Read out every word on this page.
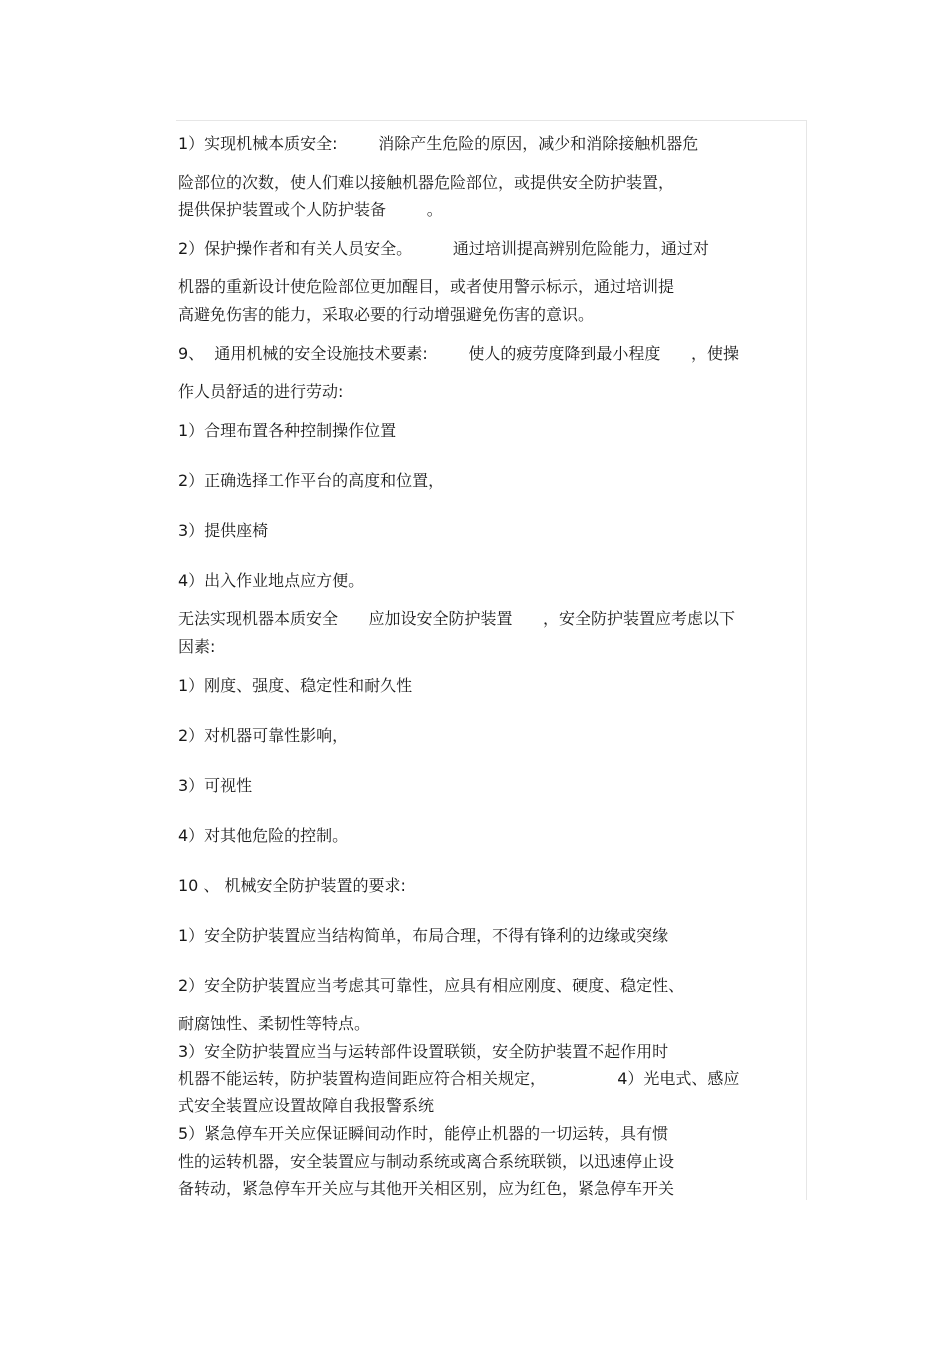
1）实现机械本质安全:        消除产生危险的原因，减少和消除接触机器危

险部位的次数，使人们难以接触机器危险部位，或提供安全防护装置，

提供保护装置或个人防护装备        。

2）保护操作者和有关人员安全。        通过培训提高辨别危险能力，通过对

机器的重新设计使危险部位更加醒目，或者使用警示标示，通过培训提

高避免伤害的能力，采取必要的行动增强避免伤害的意识。

9、  通用机械的安全设施技术要素:        使人的疲劳度降到最小程度      ，使操

作人员舒适的进行劳动:

1）合理布置各种控制操作位置

2）正确选择工作平台的高度和位置，

3）提供座椅

4）出入作业地点应方便。

无法实现机器本质安全      应加设安全防护装置      ，安全防护装置应考虑以下

因素:

1）刚度、强度、稳定性和耐久性

2）对机器可靠性影响，

3）可视性

4）对其他危险的控制。

10 、 机械安全防护装置的要求:

1）安全防护装置应当结构简单，布局合理，不得有锋利的边缘或突缘

2）安全防护装置应当考虑其可靠性，应具有相应刚度、硬度、稳定性、

耐腐蚀性、柔韧性等特点。

3）安全防护装置应当与运转部件设置联锁，安全防护装置不起作用时

机器不能运转，防护装置构造间距应符合相关规定，              4）光电式、感应

式安全装置应设置故障自我报警系统

5）紧急停车开关应保证瞬间动作时，能停止机器的一切运转，具有惯

性的运转机器，安全装置应与制动系统或离合系统联锁，以迅速停止设

备转动，紧急停车开关应与其他开关相区别，应为红色，紧急停车开关
